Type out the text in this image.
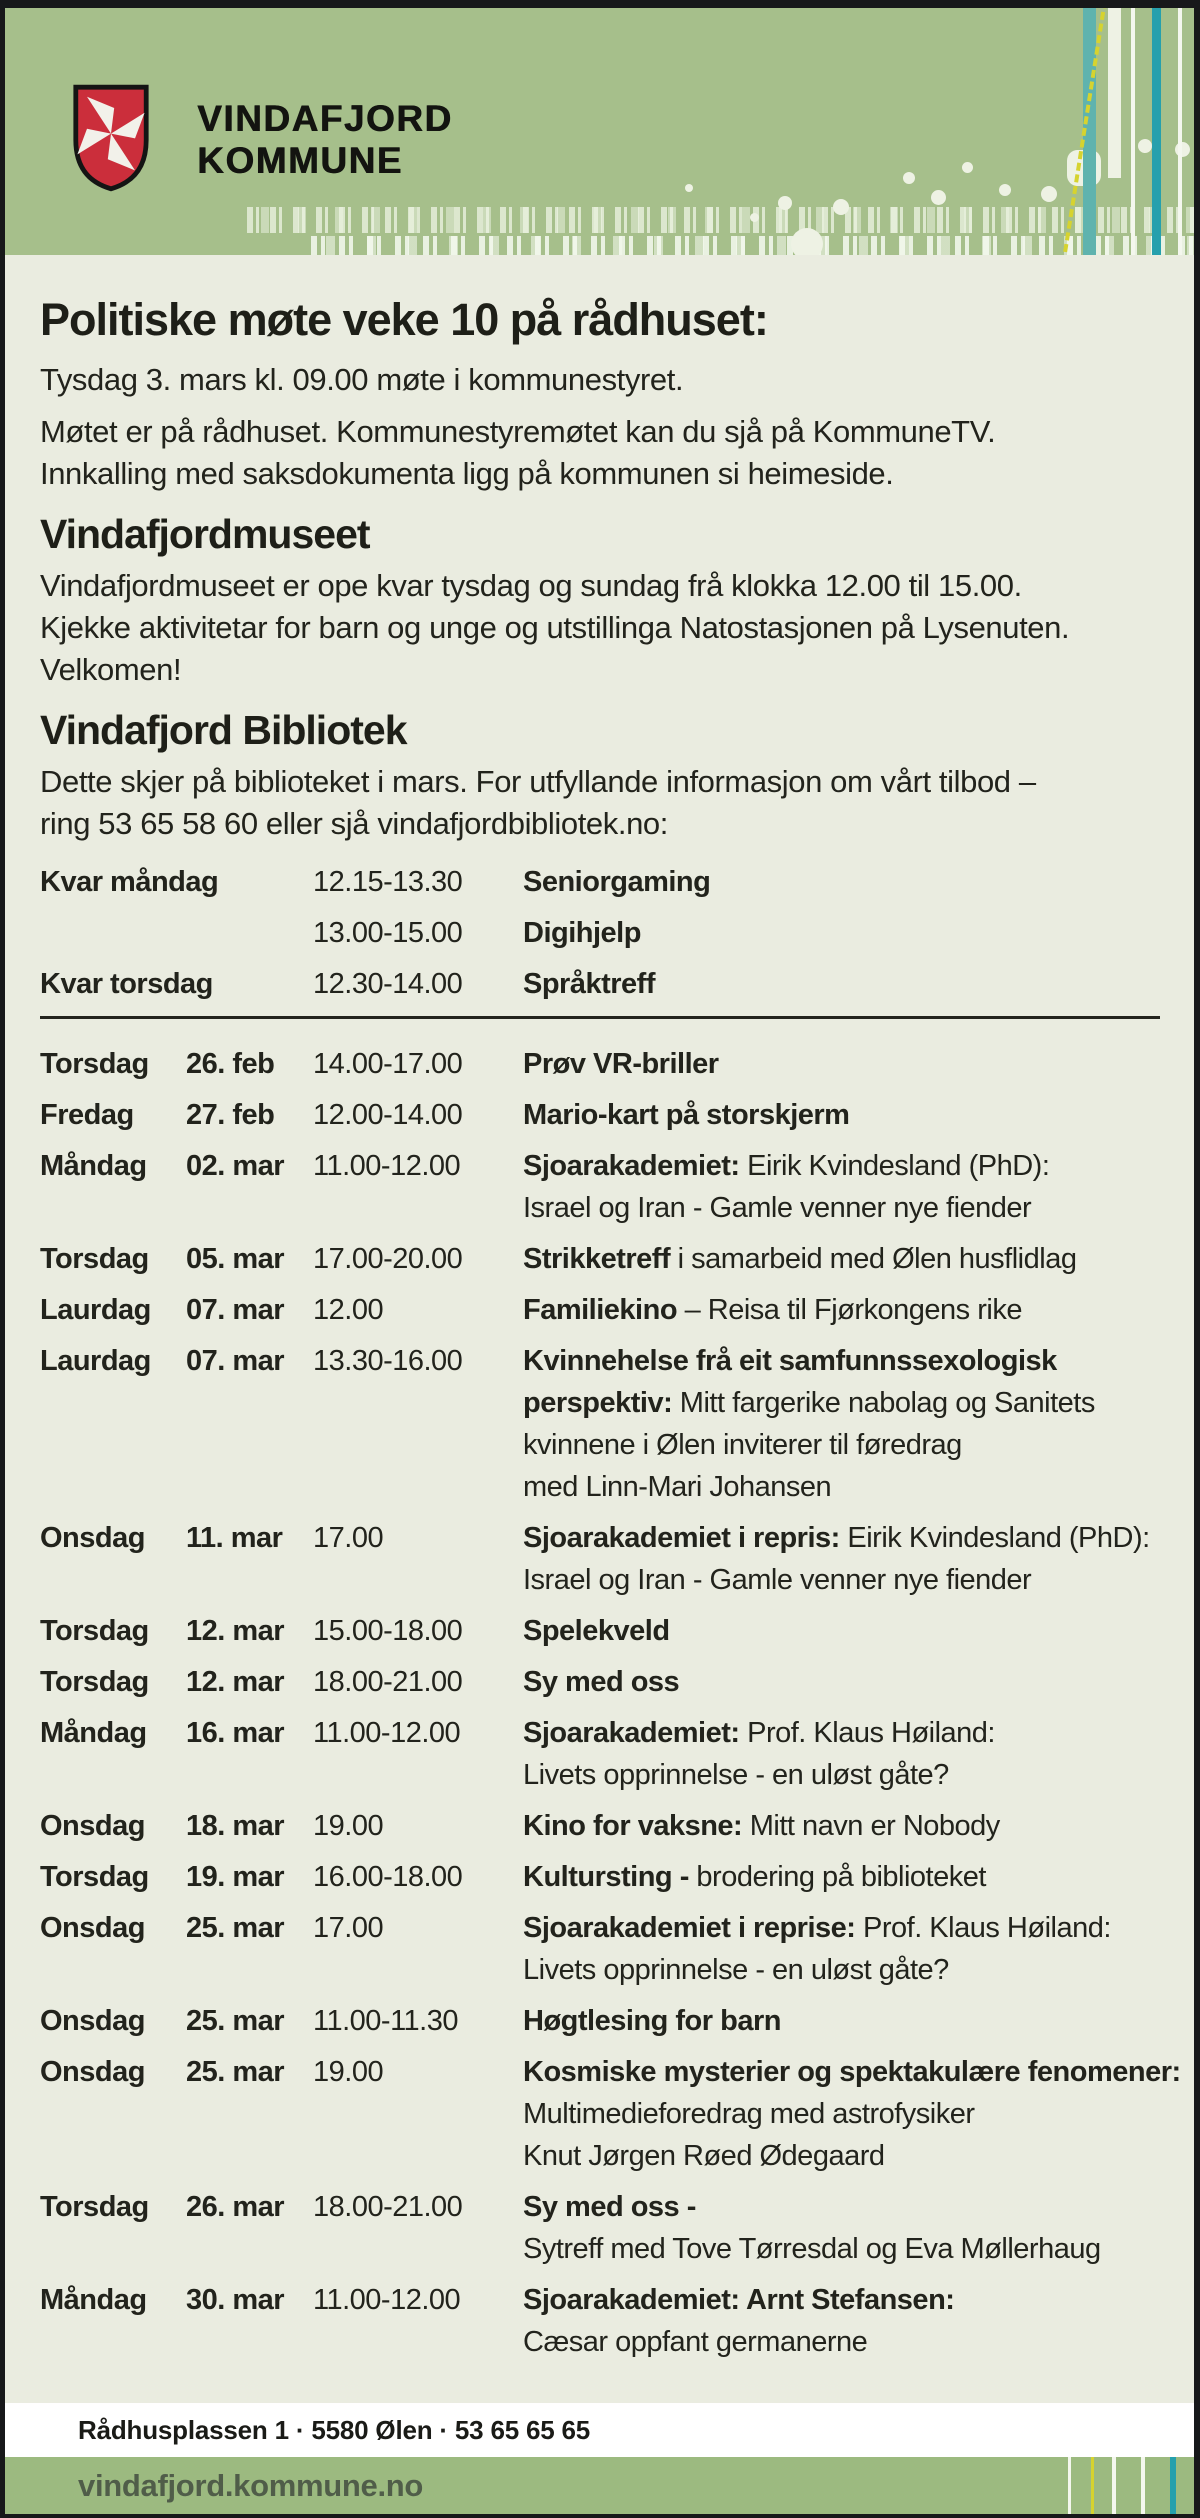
VINDAFJORD
KOMMUNE
Politiske møte veke 10 på rådhuset:
Tysdag 3. mars kl. 09.00 møte i kommunestyret.
Møtet er på rådhuset. Kommunestyremøtet kan du sjå på KommuneTV.
Innkalling med saksdokumenta ligg på kommunen si heimeside.
Vindafjordmuseet
Vindafjordmuseet er ope kvar tysdag og sundag frå klokka 12.00 til 15.00.
Kjekke aktivitetar for barn og unge og utstillinga Natostasjonen på Lysenuten.
Velkomen!
Vindafjord Bibliotek
Dette skjer på biblioteket i mars. For utfyllande informasjon om vårt tilbod –
ring 53 65 58 60 eller sjå vindafjordbibliotek.no:
Kvar måndag	12.15-13.30	Seniorgaming
13.00-15.00	Digihjelp
Kvar torsdag	12.30-14.00	Språktreff
Torsdag	26. feb	14.00-17.00	Prøv VR-briller
Fredag	27. feb	12.00-14.00	Mario-kart på storskjerm
Måndag	02. mar 11.00-12.00	Sjoarakademiet: Eirik Kvindesland (PhD):
Israel og Iran - Gamle venner nye fiender
Torsdag	05. mar 17.00-20.00	Strikketreff i samarbeid med Ølen husflidlag
Laurdag	07. mar 12.00	Familiekino – Reisa til Fjørkongens rike
Laurdag	07. mar 13.30-16.00	Kvinnehelse frå eit samfunnssexologisk
perspektiv: Mitt fargerike nabolag og Sanitets
kvinnene i Ølen inviterer til føredrag
med Linn-Mari Johansen
Onsdag	11. mar	17.00	Sjoarakademiet i repris: Eirik Kvindesland (PhD):
Israel og Iran - Gamle venner nye fiender
Torsdag	12. mar 15.00-18.00	Spelekveld
Torsdag	12. mar 18.00-21.00	Sy med oss
Måndag	16. mar 11.00-12.00	Sjoarakademiet: Prof. Klaus Høiland:
Livets opprinnelse - en uløst gåte?
Onsdag	18. mar 19.00	Kino for vaksne: Mitt navn er Nobody
Torsdag	19. mar 16.00-18.00	Kultursting - brodering på biblioteket
Onsdag	25. mar 17.00	Sjoarakademiet i reprise: Prof. Klaus Høiland:
Livets opprinnelse - en uløst gåte?
Onsdag	25. mar 11.00-11.30	Høgtlesing for barn
Onsdag	25. mar 19.00	Kosmiske mysterier og spektakulære fenomener:
Multimedieforedrag med astrofysiker
Knut Jørgen Røed Ødegaard
Torsdag	26. mar 18.00-21.00	Sy med oss -
Sytreff med Tove Tørresdal og Eva Møllerhaug
Måndag	30. mar 11.00-12.00	Sjoarakademiet: Arnt Stefansen:
Cæsar oppfant germanerne
Rådhusplassen 1 · 5580 Ølen · 53 65 65 65
vindafjord.kommune.no
